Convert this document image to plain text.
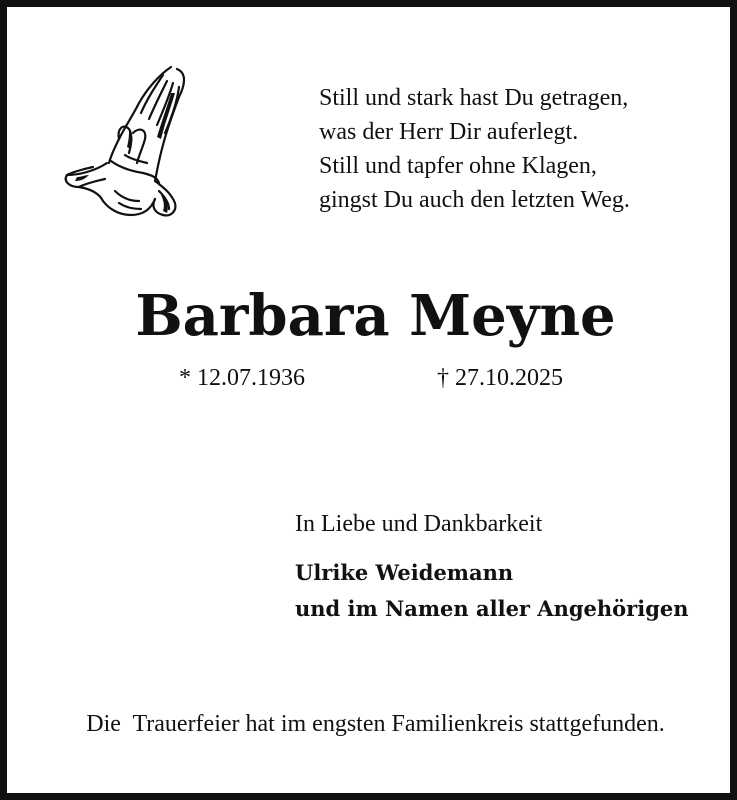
Still und stark hast Du getragen,
was der Herr Dir auferlegt.
Still und tapfer ohne Klagen,
gingst Du auch den letzten Weg.
Barbara Meyne
* 12.07.1936	† 27.10.2025
In Liebe und Dankbarkeit
Ulrike Weidemann
und im Namen aller Angehörigen
Die  Trauerfeier hat im engsten Familienkreis stattgefunden.
